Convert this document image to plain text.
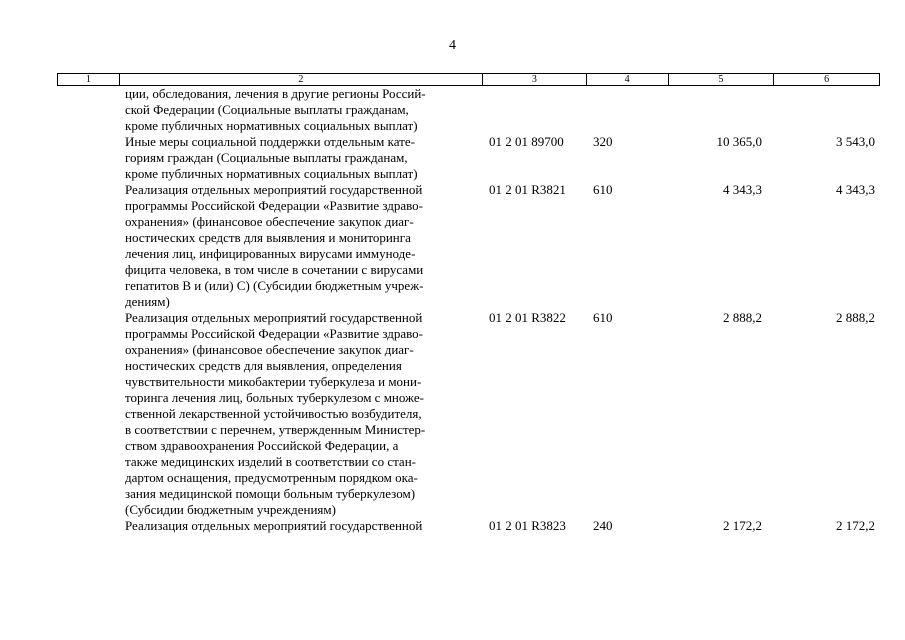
4
1	2	3	4	5	6
ции, обследования, лечения в другие регионы Россий-
ской Федерации (Социальные выплаты гражданам,
кроме публичных нормативных социальных выплат)
Иные меры социальной поддержки отдельным кате-
гориям граждан (Социальные выплаты гражданам,
кроме публичных нормативных социальных выплат)
01 2 01 89700	320	10 365,0	3 543,0
Реализация отдельных мероприятий государственной
программы Российской Федерации «Развитие здраво-
охранения» (финансовое обеспечение закупок диаг-
ностических средств для выявления и мониторинга
лечения лиц, инфицированных вирусами иммуноде-
фицита человека, в том числе в сочетании с вирусами
гепатитов В и (или) С) (Субсидии бюджетным учреж-
дениям)
01 2 01 R3821	610	4 343,3	4 343,3
Реализация отдельных мероприятий государственной
программы Российской Федерации «Развитие здраво-
охранения» (финансовое обеспечение закупок диаг-
ностических средств для выявления, определения
чувствительности микобактерии туберкулеза и мони-
торинга лечения лиц, больных туберкулезом с множе-
ственной лекарственной устойчивостью возбудителя,
в соответствии с перечнем, утвержденным Министер-
ством здравоохранения Российской Федерации, а
также медицинских изделий в соответствии со стан-
дартом оснащения, предусмотренным порядком ока-
зания медицинской помощи больным туберкулезом)
(Субсидии бюджетным учреждениям)
01 2 01 R3822	610	2 888,2	2 888,2
Реализация отдельных мероприятий государственной	01 2 01 R3823	240	2 172,2	2 172,2
